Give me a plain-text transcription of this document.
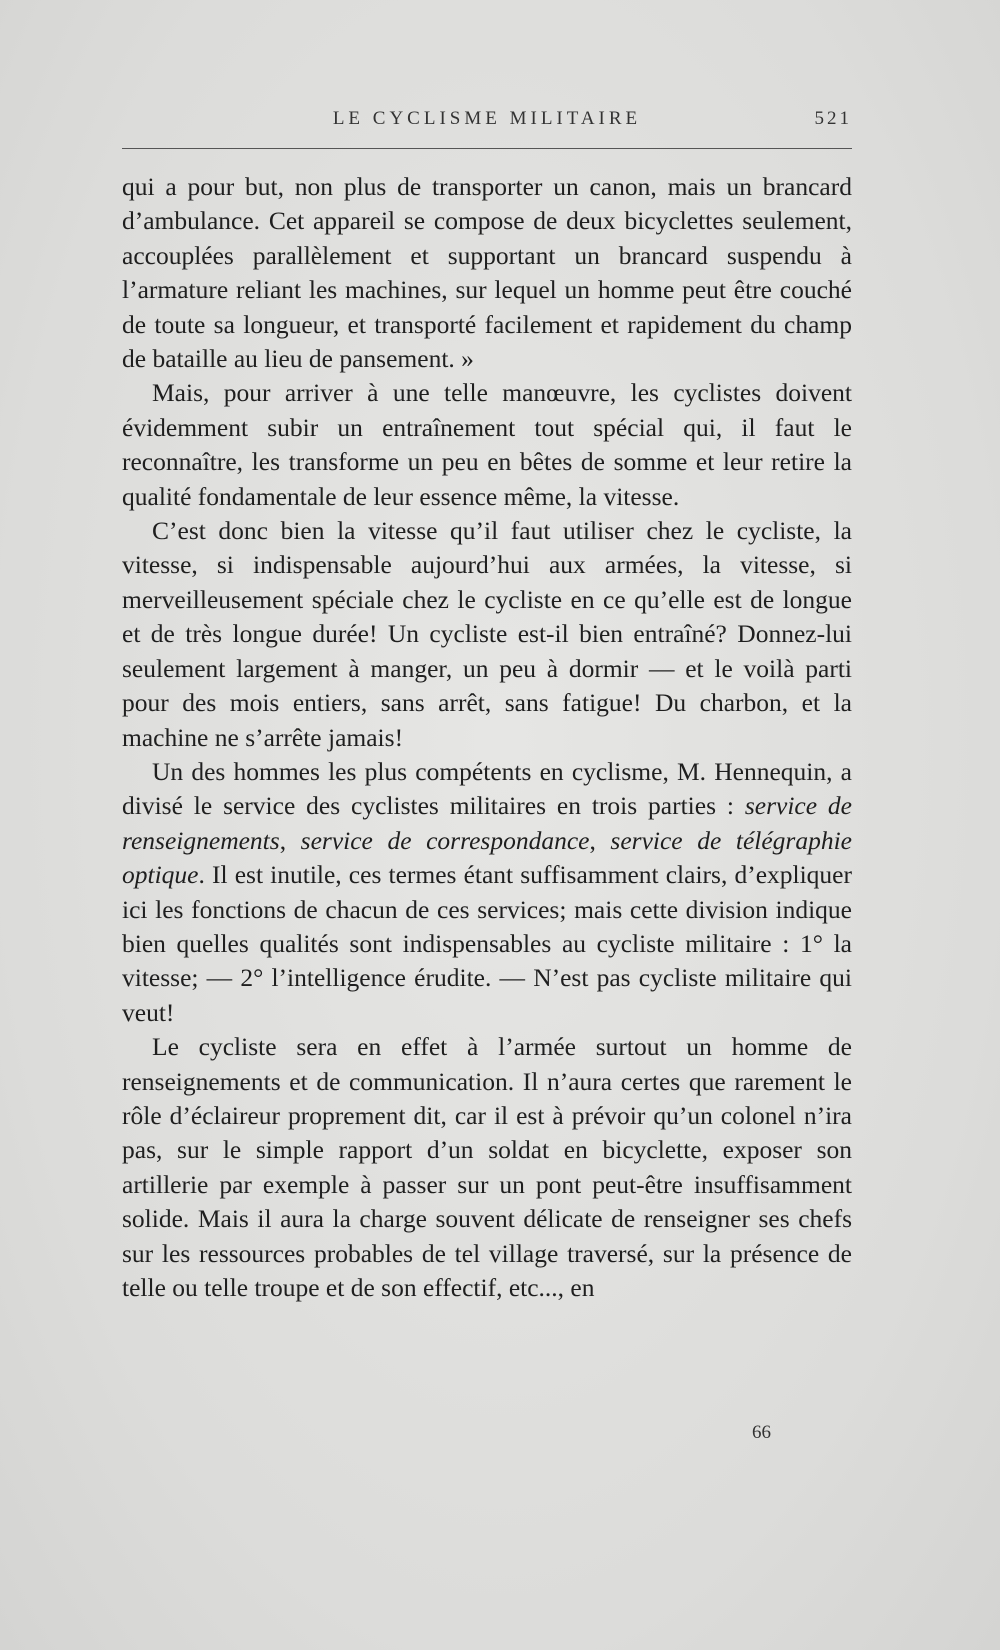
LE CYCLISME MILITAIRE	521

qui a pour but, non plus de transporter un canon, mais un brancard d’ambulance. Cet appareil se compose de deux bicyclettes seulement, accouplées parallèlement et supportant un brancard suspendu à l’armature reliant les machines, sur lequel un homme peut être couché de toute sa longueur, et transporté facilement et rapidement du champ de bataille au lieu de pansement. »

Mais, pour arriver à une telle manœuvre, les cyclistes doivent évidemment subir un entraînement tout spécial qui, il faut le reconnaître, les transforme un peu en bêtes de somme et leur retire la qualité fondamentale de leur essence même, la vitesse.

C’est donc bien la vitesse qu’il faut utiliser chez le cycliste, la vitesse, si indispensable aujourd’hui aux armées, la vitesse, si merveilleusement spéciale chez le cycliste en ce qu’elle est de longue et de très longue durée! Un cycliste est-il bien entraîné? Donnez-lui seulement largement à manger, un peu à dormir — et le voilà parti pour des mois entiers, sans arrêt, sans fatigue! Du charbon, et la machine ne s’arrête jamais!

Un des hommes les plus compétents en cyclisme, M. Hennequin, a divisé le service des cyclistes militaires en trois parties : service de renseignements, service de correspondance, service de télégraphie optique. Il est inutile, ces termes étant suffisamment clairs, d’expliquer ici les fonctions de chacun de ces services; mais cette division indique bien quelles qualités sont indispensables au cycliste militaire : 1° la vitesse; — 2° l’intelligence érudite. — N’est pas cycliste militaire qui veut!

Le cycliste sera en effet à l’armée surtout un homme de renseignements et de communication. Il n’aura certes que rarement le rôle d’éclaireur proprement dit, car il est à prévoir qu’un colonel n’ira pas, sur le simple rapport d’un soldat en bicyclette, exposer son artillerie par exemple à passer sur un pont peut-être insuffisamment solide. Mais il aura la charge souvent délicate de renseigner ses chefs sur les ressources probables de tel village traversé, sur la présence de telle ou telle troupe et de son effectif, etc..., en

66
